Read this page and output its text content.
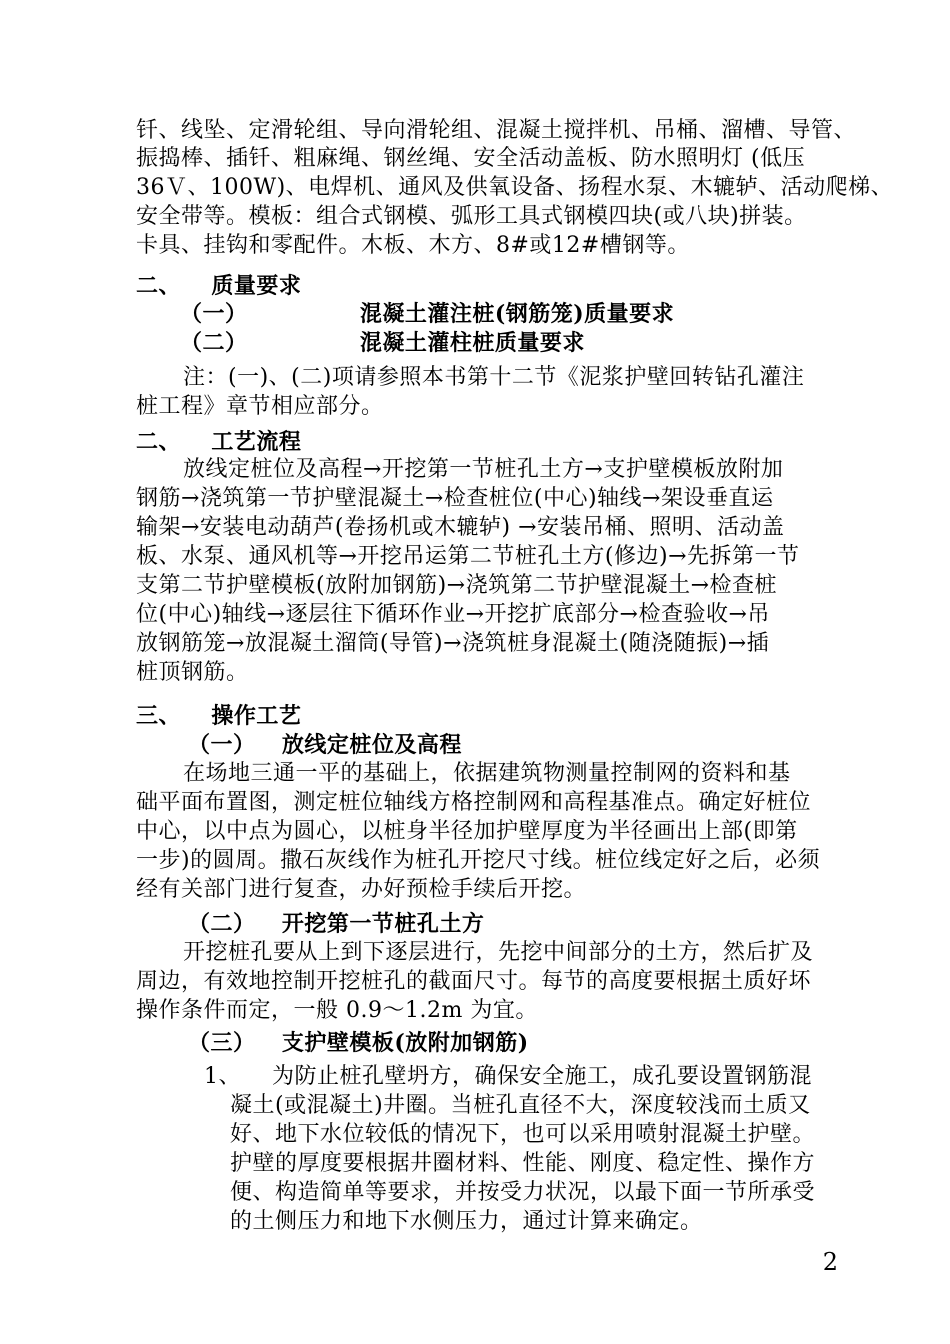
钎、线坠、定滑轮组、导向滑轮组、混凝土搅拌机、吊桶、溜槽、导管、
振捣棒、插钎、粗麻绳、钢丝绳、安全活动盖板、防水照明灯 (低压
36Ｖ、100W)、电焊机、通风及供氧设备、扬程水泵、木辘轳、活动爬梯、
安全带等。模板：组合式钢模、弧形工具式钢模四块(或八块)拼装。
卡具、挂钩和零配件。木板、木方、8#或12#槽钢等。
二、 质量要求
（一）	混凝土灌注桩(钢筋笼)质量要求
（二）	混凝土灌柱桩质量要求
注：(一)、(二)项请参照本书第十二节《泥浆护壁回转钻孔灌注
桩工程》章节相应部分。
二、 工艺流程
放线定桩位及高程→开挖第一节桩孔土方→支护壁模板放附加
钢筋→浇筑第一节护壁混凝土→检查桩位(中心)轴线→架设垂直运
输架→安装电动葫芦(卷扬机或木辘轳) →安装吊桶、照明、活动盖
板、水泵、通风机等→开挖吊运第二节桩孔土方(修边)→先拆第一节
支第二节护壁模板(放附加钢筋)→浇筑第二节护壁混凝土→检查桩
位(中心)轴线→逐层往下循环作业→开挖扩底部分→检查验收→吊
放钢筋笼→放混凝土溜筒(导管)→浇筑桩身混凝土(随浇随振)→插
桩顶钢筋。
三、 操作工艺
（一） 放线定桩位及高程
在场地三通一平的基础上，依据建筑物测量控制网的资料和基
础平面布置图，测定桩位轴线方格控制网和高程基准点。确定好桩位
中心，以中点为圆心，以桩身半径加护壁厚度为半径画出上部(即第
一步)的圆周。撒石灰线作为桩孔开挖尺寸线。桩位线定好之后，必须
经有关部门进行复查，办好预检手续后开挖。
（二） 开挖第一节桩孔土方
开挖桩孔要从上到下逐层进行，先挖中间部分的土方，然后扩及
周边，有效地控制开挖桩孔的截面尺寸。每节的高度要根据土质好坏
操作条件而定，一般 0.9～1.2m 为宜。
（三） 支护壁模板(放附加钢筋)
1、 为防止桩孔壁坍方，确保安全施工，成孔要设置钢筋混
凝土(或混凝土)井圈。当桩孔直径不大，深度较浅而土质又
好、地下水位较低的情况下，也可以采用喷射混凝土护壁。
护壁的厚度要根据井圈材料、性能、刚度、稳定性、操作方
便、构造简单等要求，并按受力状况，以最下面一节所承受
的土侧压力和地下水侧压力，通过计算来确定。
2
